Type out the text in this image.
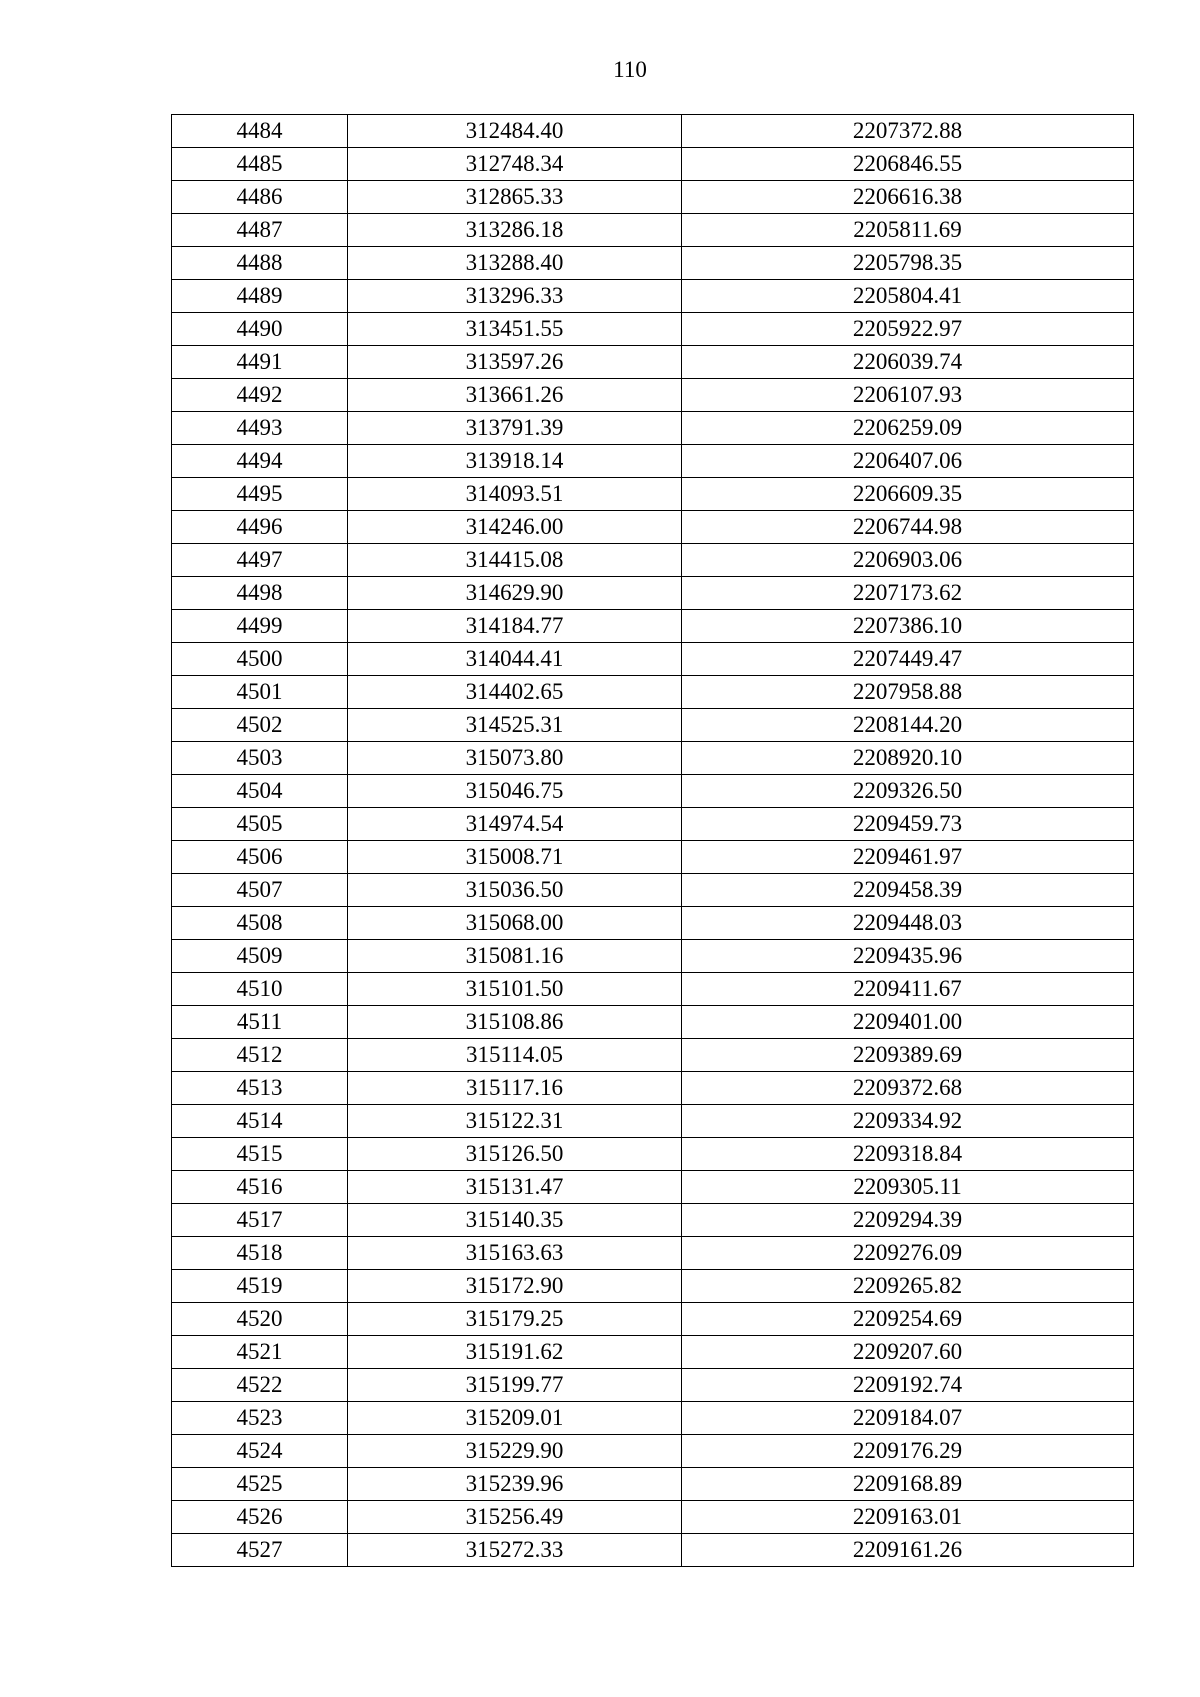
110
4484	312484.40	2207372.88
4485	312748.34	2206846.55
4486	312865.33	2206616.38
4487	313286.18	2205811.69
4488	313288.40	2205798.35
4489	313296.33	2205804.41
4490	313451.55	2205922.97
4491	313597.26	2206039.74
4492	313661.26	2206107.93
4493	313791.39	2206259.09
4494	313918.14	2206407.06
4495	314093.51	2206609.35
4496	314246.00	2206744.98
4497	314415.08	2206903.06
4498	314629.90	2207173.62
4499	314184.77	2207386.10
4500	314044.41	2207449.47
4501	314402.65	2207958.88
4502	314525.31	2208144.20
4503	315073.80	2208920.10
4504	315046.75	2209326.50
4505	314974.54	2209459.73
4506	315008.71	2209461.97
4507	315036.50	2209458.39
4508	315068.00	2209448.03
4509	315081.16	2209435.96
4510	315101.50	2209411.67
4511	315108.86	2209401.00
4512	315114.05	2209389.69
4513	315117.16	2209372.68
4514	315122.31	2209334.92
4515	315126.50	2209318.84
4516	315131.47	2209305.11
4517	315140.35	2209294.39
4518	315163.63	2209276.09
4519	315172.90	2209265.82
4520	315179.25	2209254.69
4521	315191.62	2209207.60
4522	315199.77	2209192.74
4523	315209.01	2209184.07
4524	315229.90	2209176.29
4525	315239.96	2209168.89
4526	315256.49	2209163.01
4527	315272.33	2209161.26
